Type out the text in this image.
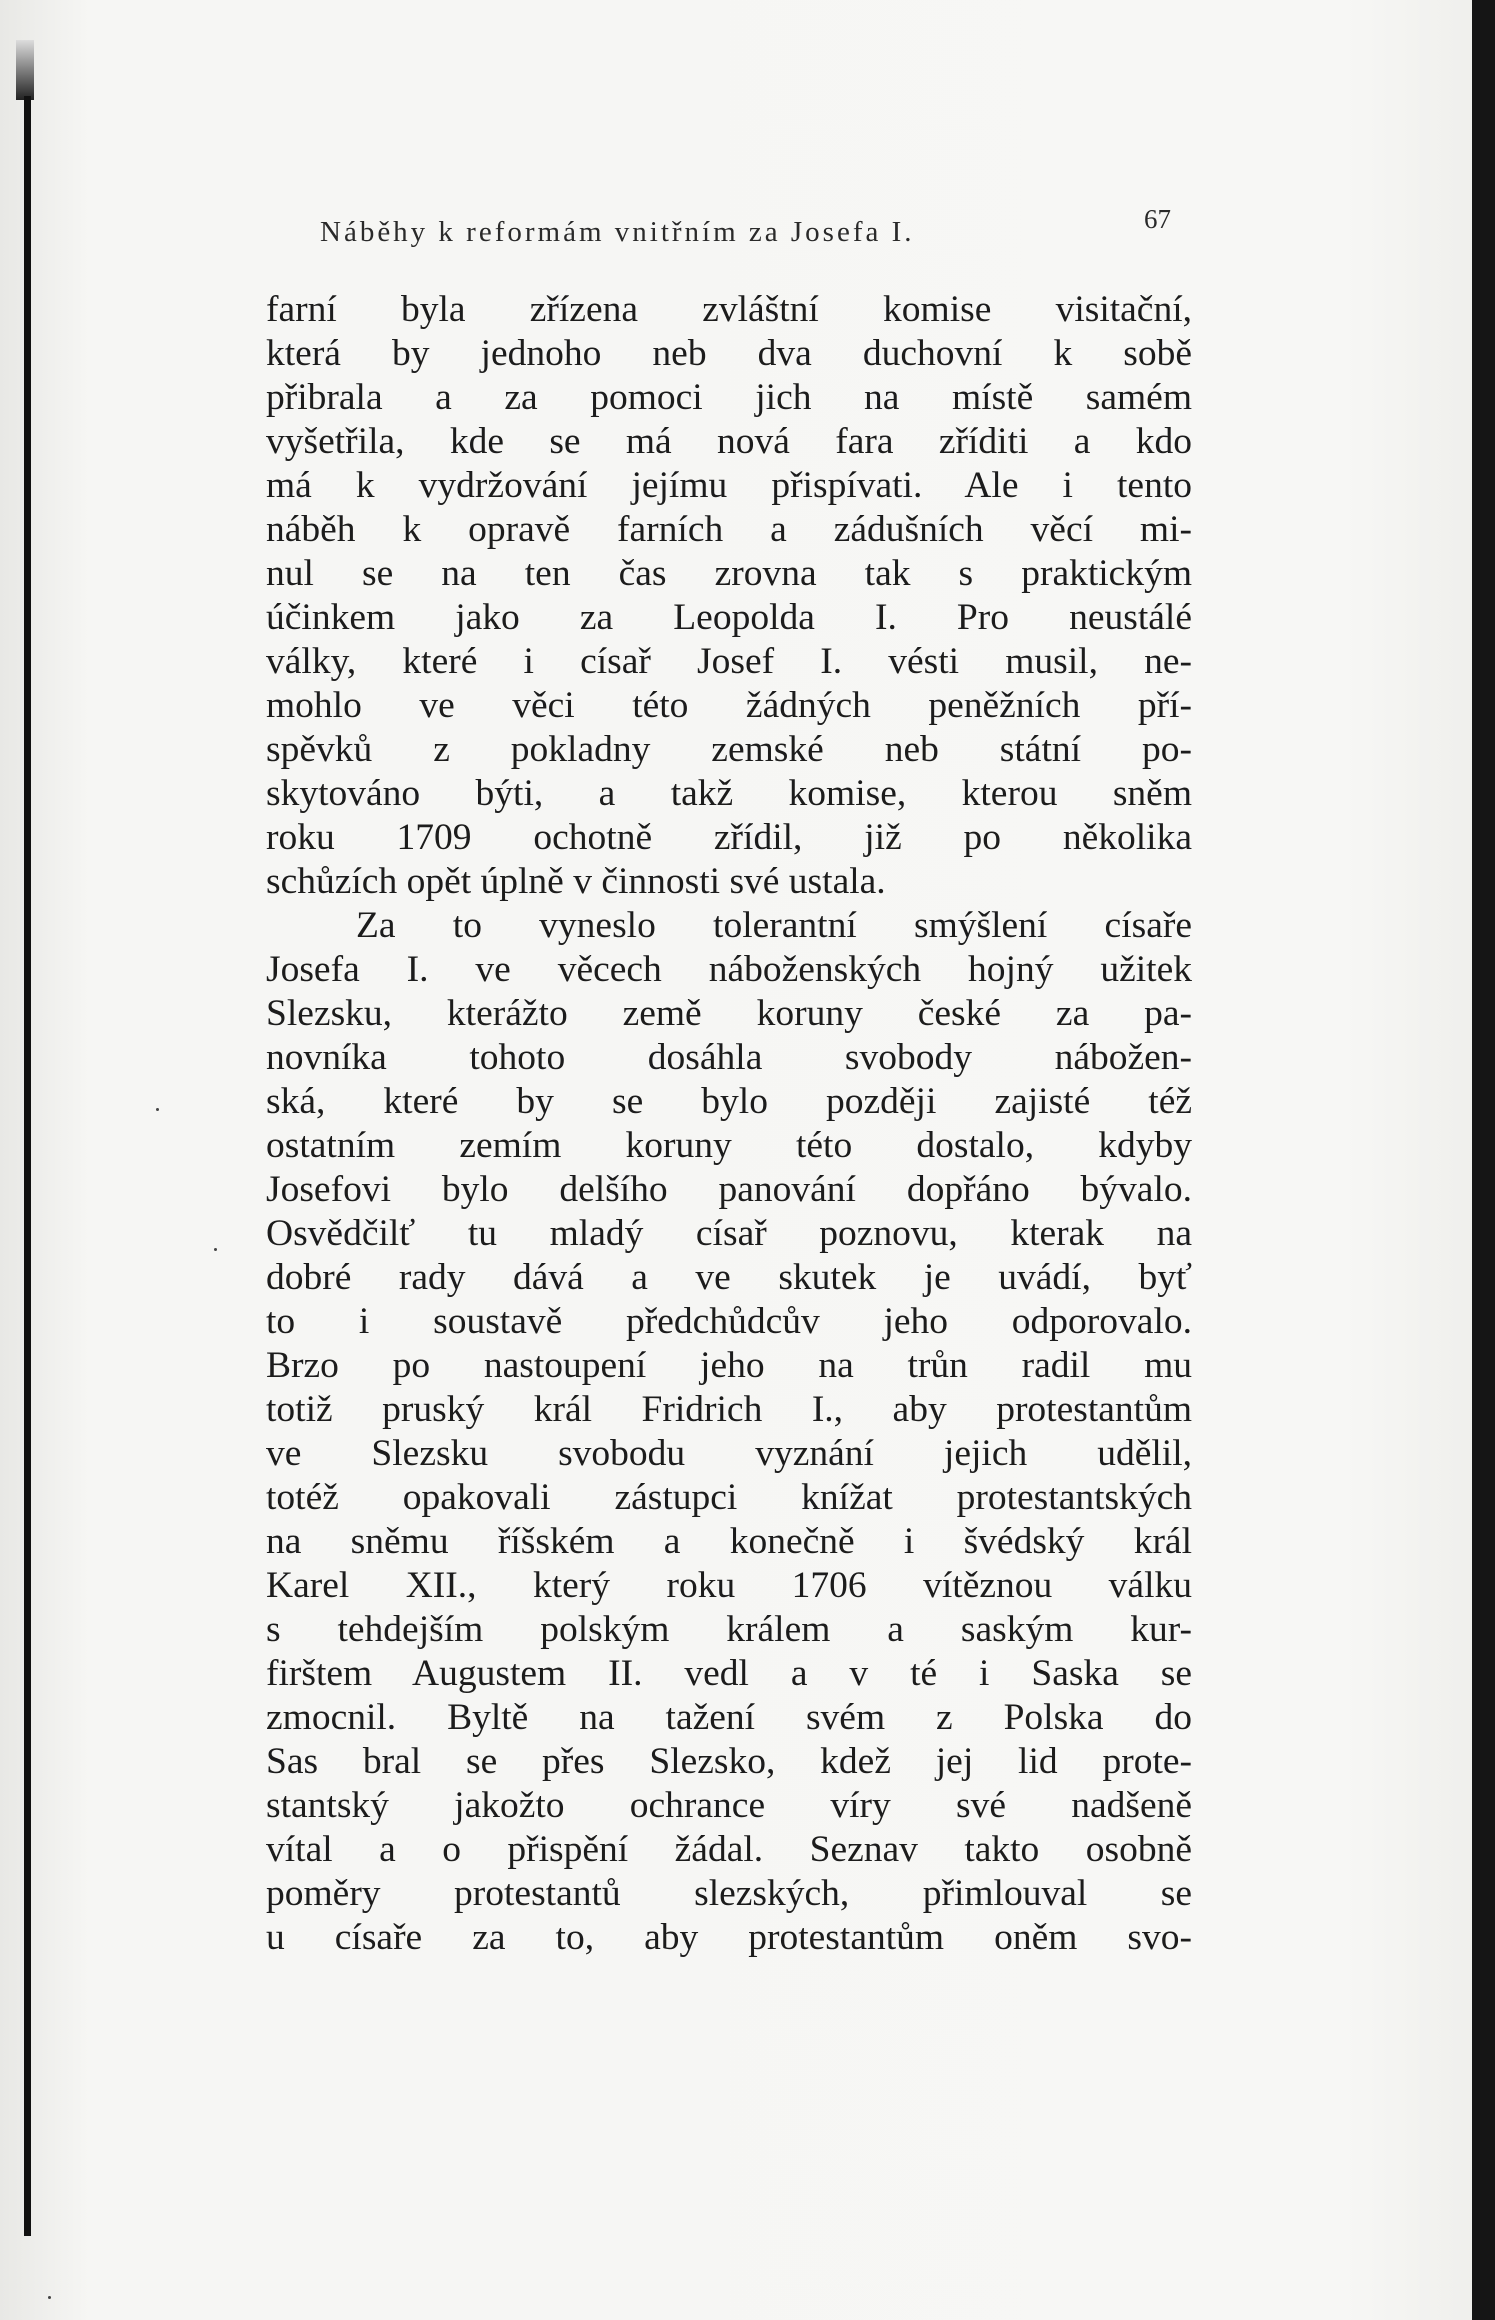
Náběhy k reformám vnitřním za Josefa I.	67
farní byla zřízena zvláštní komise visitační,
která by jednoho neb dva duchovní k sobě
přibrala a za pomoci jich na místě samém
vyšetřila, kde se má nová fara zříditi a kdo
má k vydržování jejímu přispívati. Ale i tento
náběh k opravě farních a zádušních věcí mi-
nul se na ten čas zrovna tak s praktickým
účinkem jako za Leopolda I. Pro neustálé
války, které i císař Josef I. vésti musil, ne-
mohlo ve věci této žádných peněžních pří-
spěvků z pokladny zemské neb státní po-
skytováno býti, a takž komise, kterou sněm
roku 1709 ochotně zřídil, již po několika
schůzích opět úplně v činnosti své ustala.
Za to vyneslo tolerantní smýšlení císaře
Josefa I. ve věcech náboženských hojný užitek
Slezsku, kterážto země koruny české za pa-
novníka tohoto dosáhla svobody nábožen-
ská, které by se bylo později zajisté též
ostatním zemím koruny této dostalo, kdyby
Josefovi bylo delšího panování dopřáno bývalo.
Osvědčilť tu mladý císař poznovu, kterak na
dobré rady dává a ve skutek je uvádí, byť
to i soustavě předchůdcův jeho odporovalo.
Brzo po nastoupení jeho na trůn radil mu
totiž pruský král Fridrich I., aby protestantům
ve Slezsku svobodu vyznání jejich udělil,
totéž opakovali zástupci knížat protestantských
na sněmu říšském a konečně i švédský král
Karel XII., který roku 1706 vítěznou válku
s tehdejším polským králem a saským kur-
firštem Augustem II. vedl a v té i Saska se
zmocnil. Byltě na tažení svém z Polska do
Sas bral se přes Slezsko, kdež jej lid prote-
stantský jakožto ochrance víry své nadšeně
vítal a o přispění žádal. Seznav takto osobně
poměry protestantů slezských, přimlouval se
u císaře za to, aby protestantům oněm svo-
